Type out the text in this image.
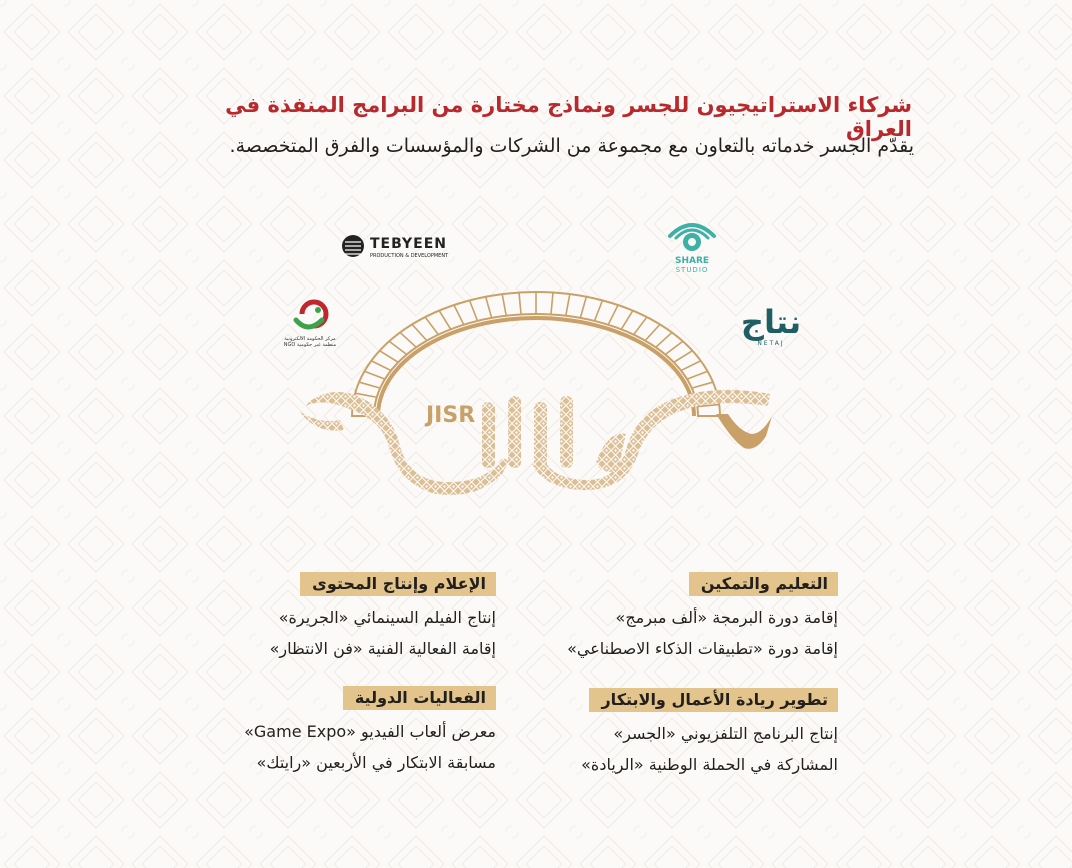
شركاء الاستراتيجيون للجسر ونماذج مختارة من البرامج المنفذة في العراق
يقدّم الجسر خدماته بالتعاون مع مجموعة من الشركات والمؤسسات والفرق المتخصصة.
TEBYEEN
PRODUCTION & DEVELOPMENT	SHARE
STUDIO
مركز الحكومة الالكترونية
منظمة غير حكومية NGO
نتاج
NETAJ
JISR
التعليم والتمكين
إقامة دورة البرمجة «ألف مبرمج»
إقامة دورة «تطبيقات الذكاء الاصطناعي»
الإعلام وإنتاج المحتوى
إنتاج الفيلم السينمائي «الجريرة»
إقامة الفعالية الفنية «فن الانتظار»
تطوير ريادة الأعمال والابتكار
إنتاج البرنامج التلفزيوني «الجسر»
المشاركة في الحملة الوطنية «الريادة»
الفعاليات الدولية
معرض ألعاب الفيديو «Game Expo»
مسابقة الابتكار في الأربعين «رايتك»
